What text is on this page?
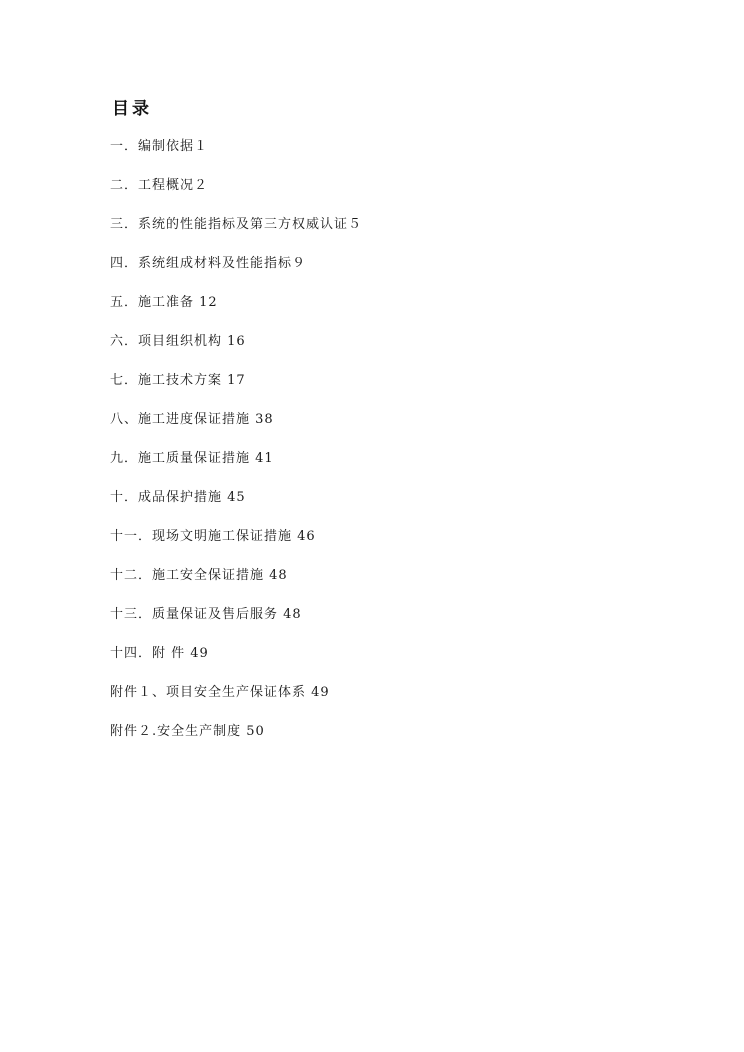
目录
一．编制依据１
二．工程概况２
三．系统的性能指标及第三方权威认证５
四．系统组成材料及性能指标９
五．施工准备 12
六．项目组织机构 16
七．施工技术方案 17
八、施工进度保证措施 38
九．施工质量保证措施 41
十．成品保护措施 45
十一．现场文明施工保证措施 46
十二．施工安全保证措施 48
十三．质量保证及售后服务 48
十四．附 件 49
附件１、项目安全生产保证体系 49
附件２.安全生产制度 50
